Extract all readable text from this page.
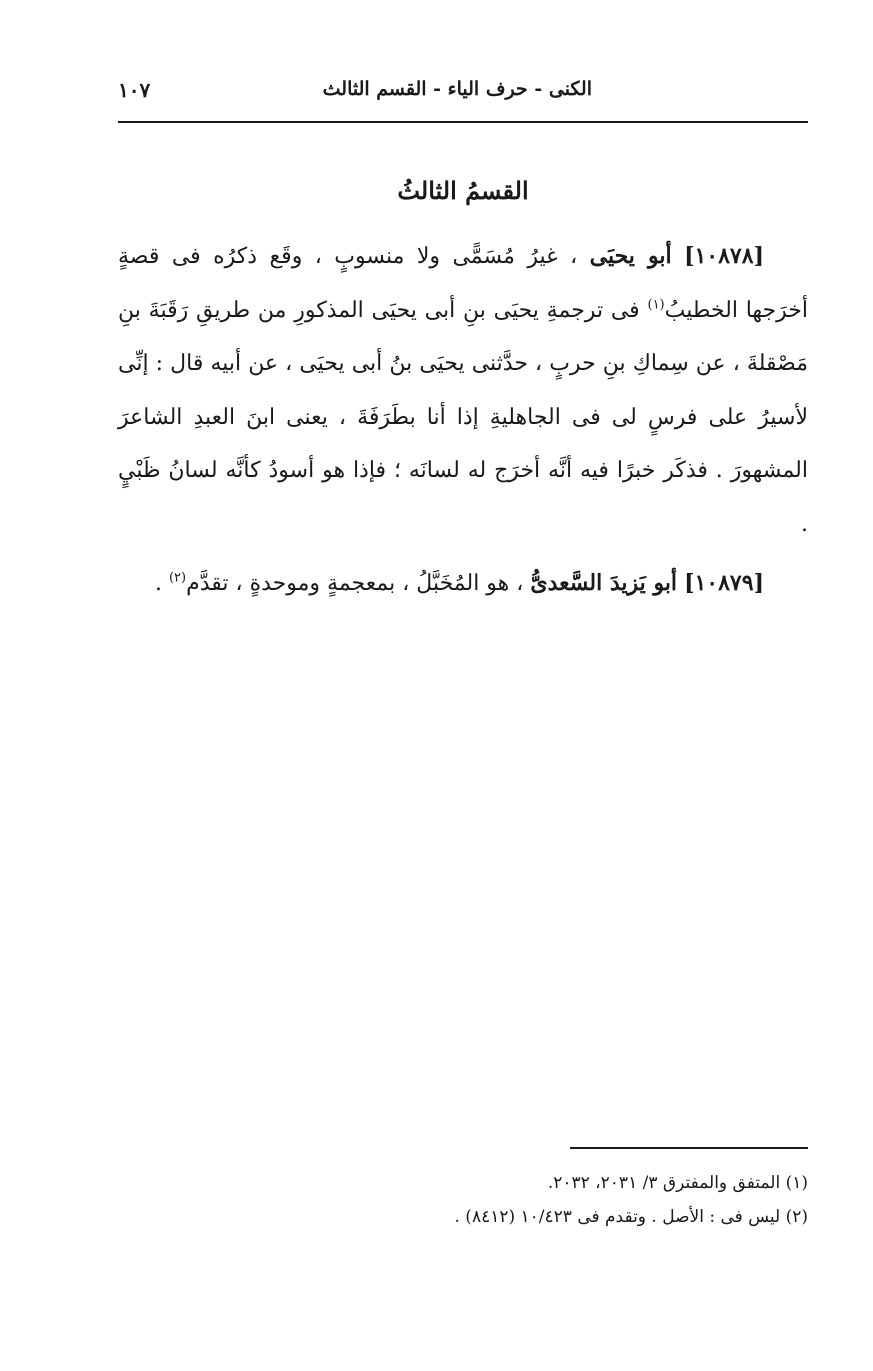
الكنى - حرف الياء - القسم الثالث
١٠٧
القسمُ الثالثُ

[١٠٨٧٨] أبو يحيَى ، غيرُ مُسَمًّى ولا منسوبٍ ، وقَع ذكرُه فى قصةٍ أخرَجها الخطيبُ$^{(١)}$ فى ترجمةِ يحيَى بنِ أبى يحيَى المذكورِ من طريقِ رَقَبَةَ بنِ مَصْقلةَ ، عن سِماكِ بنِ حربٍ ، حدَّثنى يحيَى بنُ أبى يحيَى ، عن أبيه قال : إنِّى لأسيرُ على فرسٍ لى فى الجاهليةِ إذا أنا بطَرَفَةَ ، يعنى ابنَ العبدِ الشاعرَ المشهورَ . فذكَر خبرًا فيه أنَّه أخرَج له لسانَه ؛ فإذا هو أسودُ كأنَّه لسانُ ظَبْيٍ .

[١٠٨٧٩] أبو يَزيدَ السَّعدىُّ ، هو المُخَبَّلُ ، بمعجمةٍ وموحدةٍ ، تقدَّم$^{(٢)}$ .

(١) المتفق والمفترق ٣/ ٢٠٣١، ٢٠٣٢.

(٢) ليس فى : الأصل . وتقدم فى ١٠/٤٢٣ (٨٤١٢) .
